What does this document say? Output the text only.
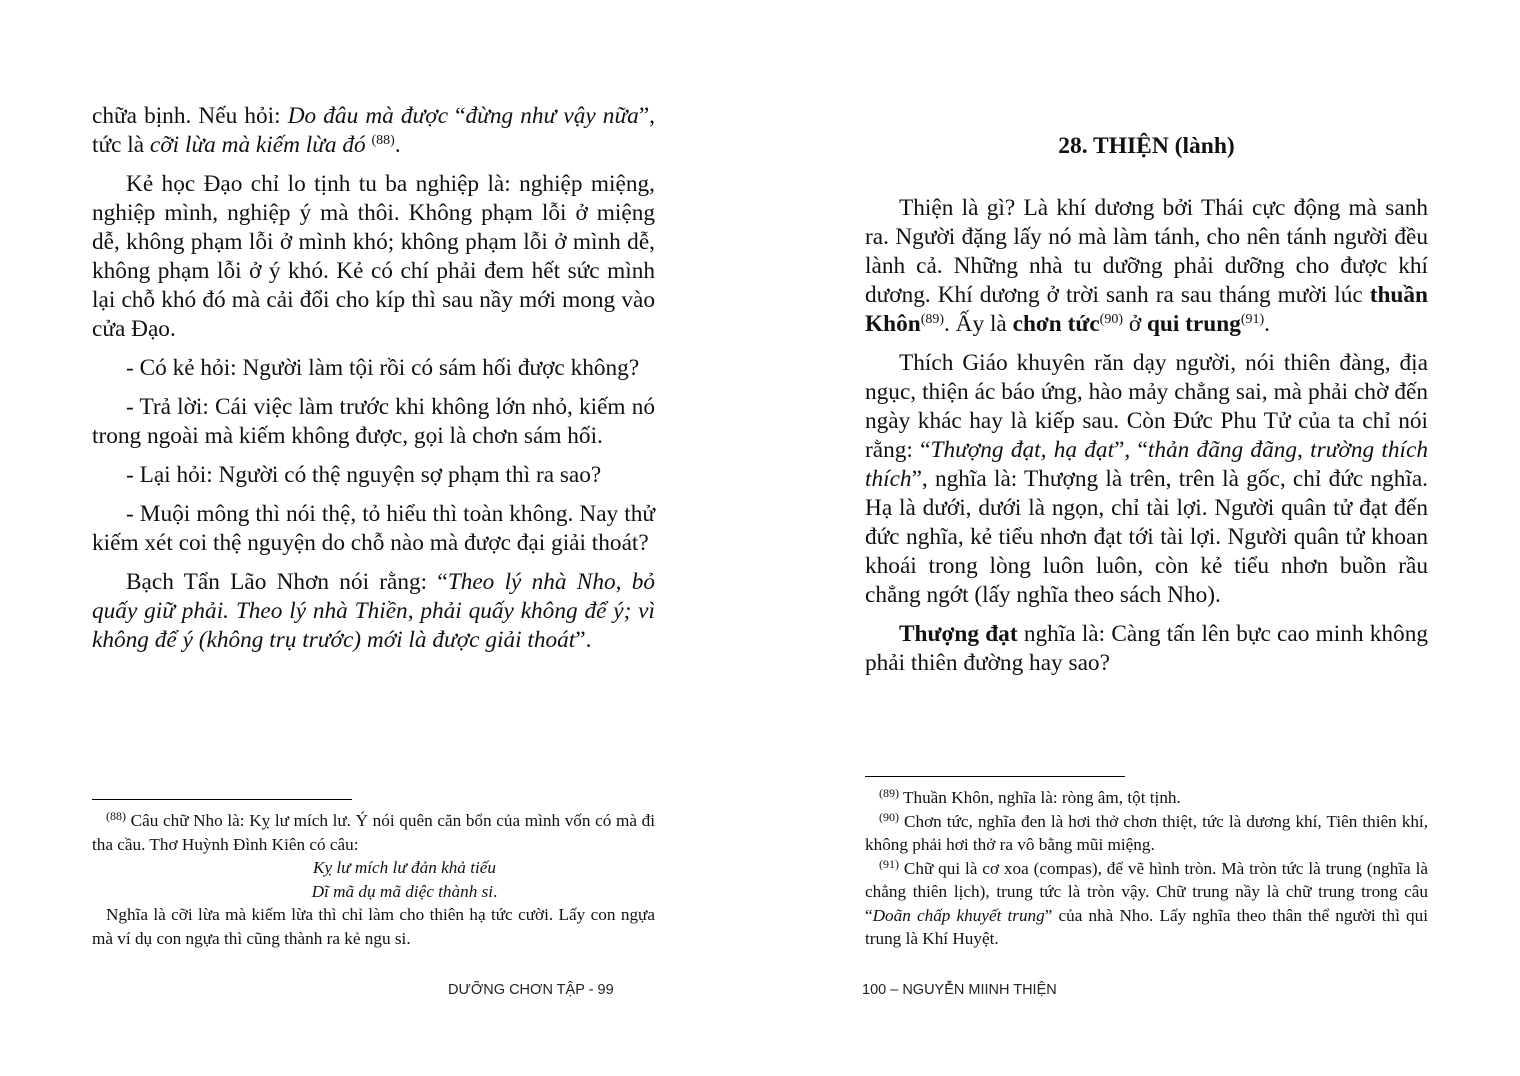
chữa bịnh. Nếu hỏi: Do đâu mà được “đừng như vậy nữa”, tức là cỡi lừa mà kiếm lừa đó $^{(88)}$.

Kẻ học Đạo chỉ lo tịnh tu ba nghiệp là: nghiệp miệng, nghiệp mình, nghiệp ý mà thôi. Không phạm lỗi ở miệng dễ, không phạm lỗi ở mình khó; không phạm lỗi ở mình dễ, không phạm lỗi ở ý khó. Kẻ có chí phải đem hết sức mình lại chỗ khó đó mà cải đổi cho kíp thì sau nầy mới mong vào cửa Đạo.

- Có kẻ hỏi: Người làm tội rồi có sám hối được không?

- Trả lời: Cái việc làm trước khi không lớn nhỏ, kiếm nó trong ngoài mà kiếm không được, gọi là chơn sám hối.

- Lại hỏi: Người có thệ nguyện sợ phạm thì ra sao?

- Muội mông thì nói thệ, tỏ hiểu thì toàn không. Nay thử kiếm xét coi thệ nguyện do chỗ nào mà được đại giải thoát?

Bạch Tẩn Lão Nhơn nói rằng: “Theo lý nhà Nho, bỏ quấy giữ phải. Theo lý nhà Thiền, phải quấy không để ý; vì không để ý (không trụ trước) mới là được giải thoát”.

$^{(88)}$ Câu chữ Nho là: Kỵ lư mích lư. Ý nói quên căn bổn của mình vốn có mà đi tha cầu. Thơ Huỳnh Đình Kiên có câu:

Kỵ lư mích lư đản khả tiếu

Dĩ mã dụ mã diệc thành si.

Nghĩa là cỡi lừa mà kiếm lừa thì chỉ làm cho thiên hạ tức cười. Lấy con ngựa mà ví dụ con ngựa thì cũng thành ra kẻ ngu si.

DƯỠNG CHƠN TẬP - 99
28. THIỆN (lành)

Thiện là gì? Là khí dương bởi Thái cực động mà sanh ra. Người đặng lấy nó mà làm tánh, cho nên tánh người đều lành cả. Những nhà tu dưỡng phải dưỡng cho được khí dương. Khí dương ở trời sanh ra sau tháng mười lúc thuần Khôn$^{(89)}$. Ấy là chơn tức$^{(90)}$ ở qui trung$^{(91)}$.

Thích Giáo khuyên răn dạy người, nói thiên đàng, địa ngục, thiện ác báo ứng, hào mảy chẳng sai, mà phải chờ đến ngày khác hay là kiếp sau. Còn Đức Phu Tử của ta chỉ nói rằng: “Thượng đạt, hạ đạt”, “thản đãng đãng, trường thích thích”, nghĩa là: Thượng là trên, trên là gốc, chỉ đức nghĩa. Hạ là dưới, dưới là ngọn, chỉ tài lợi. Người quân tử đạt đến đức nghĩa, kẻ tiểu nhơn đạt tới tài lợi. Người quân tử khoan khoái trong lòng luôn luôn, còn kẻ tiểu nhơn buồn rầu chẳng ngớt (lấy nghĩa theo sách Nho).

Thượng đạt nghĩa là: Càng tấn lên bực cao minh không phải thiên đường hay sao?

$^{(89)}$ Thuần Khôn, nghĩa là: ròng âm, tột tịnh.

$^{(90)}$ Chơn tức, nghĩa đen là hơi thở chơn thiệt, tức là dương khí, Tiên thiên khí, không phải hơi thở ra vô bằng mũi miệng.

$^{(91)}$ Chữ qui là cơ xoa (compas), để vẽ hình tròn. Mà tròn tức là trung (nghĩa là chẳng thiên lịch), trung tức là tròn vậy. Chữ trung nầy là chữ trung trong câu “Doãn chấp khuyết trung” của nhà Nho. Lấy nghĩa theo thân thể người thì qui trung là Khí Huyệt.

100 – NGUYỄN MIINH THIỆN
